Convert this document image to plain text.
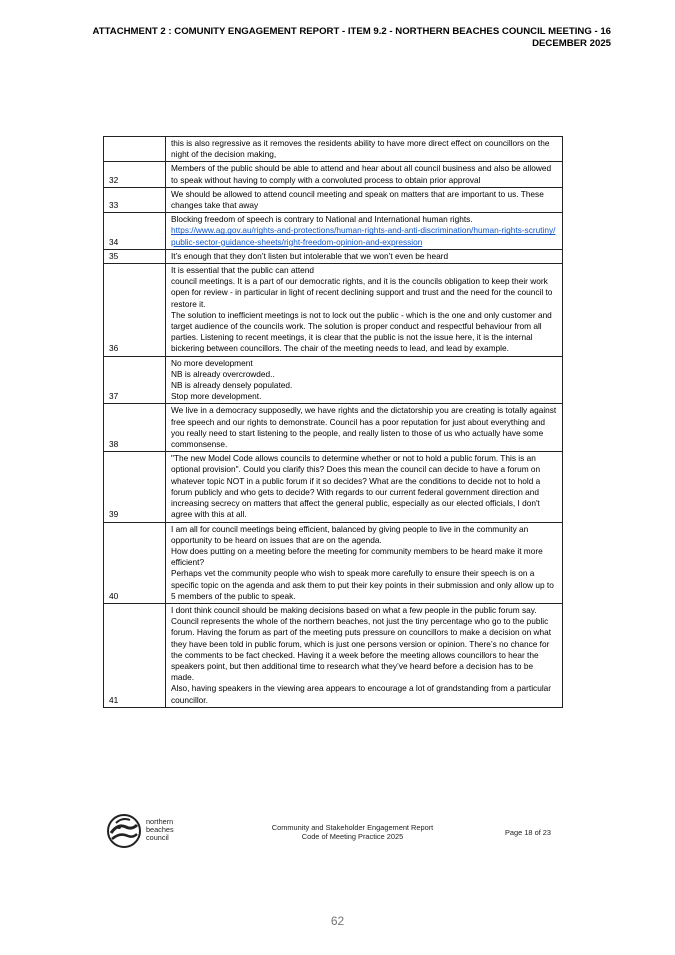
ATTACHMENT 2 : COMUNITY ENGAGEMENT REPORT - ITEM 9.2 - NORTHERN BEACHES COUNCIL MEETING - 16
DECEMBER 2025

	this is also regressive as it removes the residents ability to have more direct effect on councillors on the night of the decision making,

32	Members of the public should be able to attend and hear about all council business and also be allowed to speak without having to comply with a convoluted process to obtain prior approval

33	We should be allowed to attend council meeting and speak on matters that are important to us. These changes take that away

34	Blocking freedom of speech is contrary to National and International human rights.
https://www.ag.gov.au/rights-and-protections/human-rights-and-anti-discrimination/human-rights-scrutiny/public-sector-guidance-sheets/right-freedom-opinion-and-expression

35	It’s enough that they don’t listen but intolerable that we won’t even be heard

36	It is essential that the public can attend
council meetings. It is a part of our democratic rights, and it is the councils obligation to keep their work open for review - in particular in light of recent declining support and trust and the need for the council to restore it.
The solution to inefficient meetings is not to lock out the public - which is the one and only customer and target audience of the councils work. The solution is proper conduct and respectful behaviour from all parties. Listening to recent meetings, it is clear that the public is not the issue here, it is the internal bickering between councillors. The chair of the meeting needs to lead, and lead by example.

37	No more development
NB is already overcrowded..
NB is already densely populated.
Stop more development.

38	We live in a democracy supposedly, we have rights and the dictatorship you are creating is totally against free speech and our rights to demonstrate. Council has a poor reputation for just about everything and you really need to start listening to the people, and really listen to those of us who actually have some commonsense.

39	"The new Model Code allows councils to determine whether or not to hold a public forum. This is an optional provision". Could you clarify this? Does this mean the council can decide to have a forum on whatever topic NOT in a public forum if it so decides? What are the conditions to decide not to hold a forum publicly and who gets to decide? With regards to our current federal government direction and increasing secrecy on matters that affect the general public, especially as our elected officials, I don't agree with this at all.

40	I am all for council meetings being efficient, balanced by giving people to live in the community an opportunity to be heard on issues that are on the agenda.
How does putting on a meeting before the meeting for community members to be heard make it more efficient?
Perhaps vet the community people who wish to speak more carefully to ensure their speech is on a specific topic on the agenda and ask them to put their key points in their submission and only allow up to 5 members of the public to speak.

41	I dont think council should be making decisions based on what a few people in the public forum say. Council represents the whole of the northern beaches, not just the tiny percentage who go to the public forum. Having the forum as part of the meeting puts pressure on councillors to make a decision on what they have been told in public forum, which is just one persons version or opinion. There’s no chance for the comments to be fact checked. Having it a week before the meeting allows councillors to hear the speakers point, but then additional time to research what they’ve heard before a decision has to be made.
Also, having speakers in the viewing area appears to encourage a lot of grandstanding from a particular councillor.
northern
beaches
council
Community and Stakeholder Engagement Report
Code of Meeting Practice 2025	Page 18 of 23
62
